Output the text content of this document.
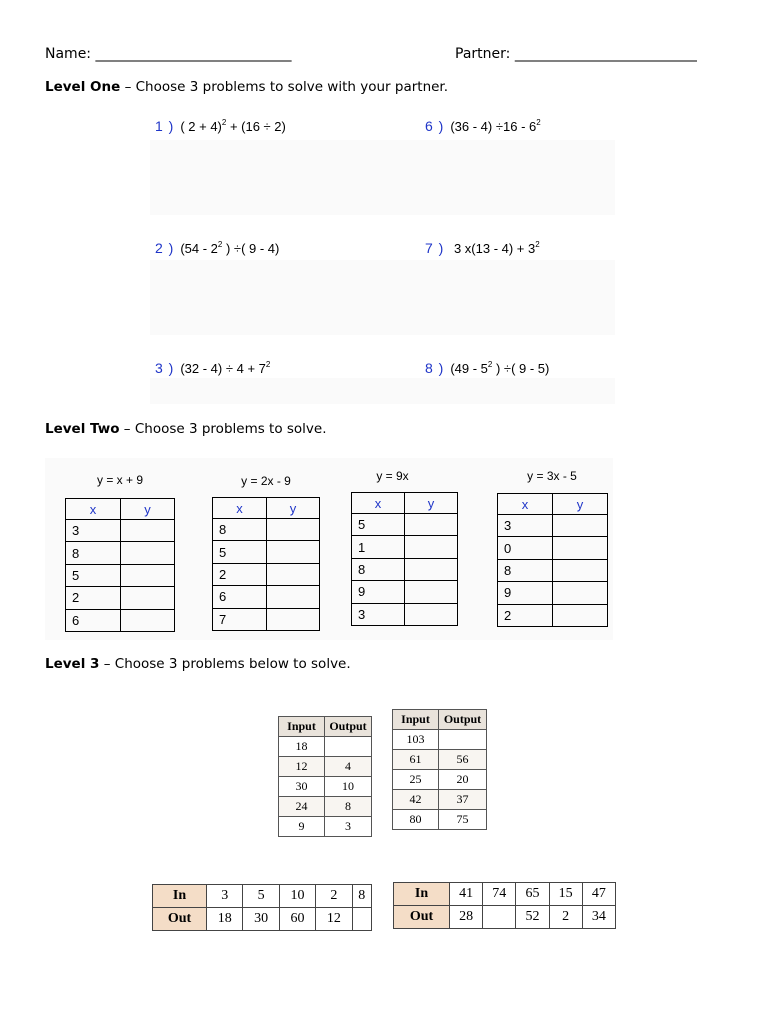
Name: ____________________________	Partner: __________________________
Level One – Choose 3 problems to solve with your partner.
1 ) ( 2 + 4)$^2$ + (16 ÷ 2)	6 ) $(36 - 4) \div 16 - 6^2$
2 ) ($54 - 2^2$ ) ÷( 9 - 4)	7 ) 3 $x(13 - 4) + 3^2$
3 ) $(32 - 4) \div 4 + 7^2$	8 ) ($49 - 5^2$ ) ÷( 9 - 5)
Level Two – Choose 3 problems to solve.
y = x + 9
x	y
3	
8	
5	
2	
6	
y = 2x - 9
x	y
8	
5	
2	
6	
7	
y = 9x
x	y
5	
1	
8	
9	
3	
y = 3x - 5
x	y
3	
0	
8	
9	
2	
Level 3 – Choose 3 problems below to solve.
Input	Output
18	
12	4
30	10
24	8
9	3
Input	Output
103	
61	56
25	20
42	37
80	75
In	3	5	10	2	8
Out	18	30	60	12	
In	41	74	65	15	47
Out	28		52	2	34
